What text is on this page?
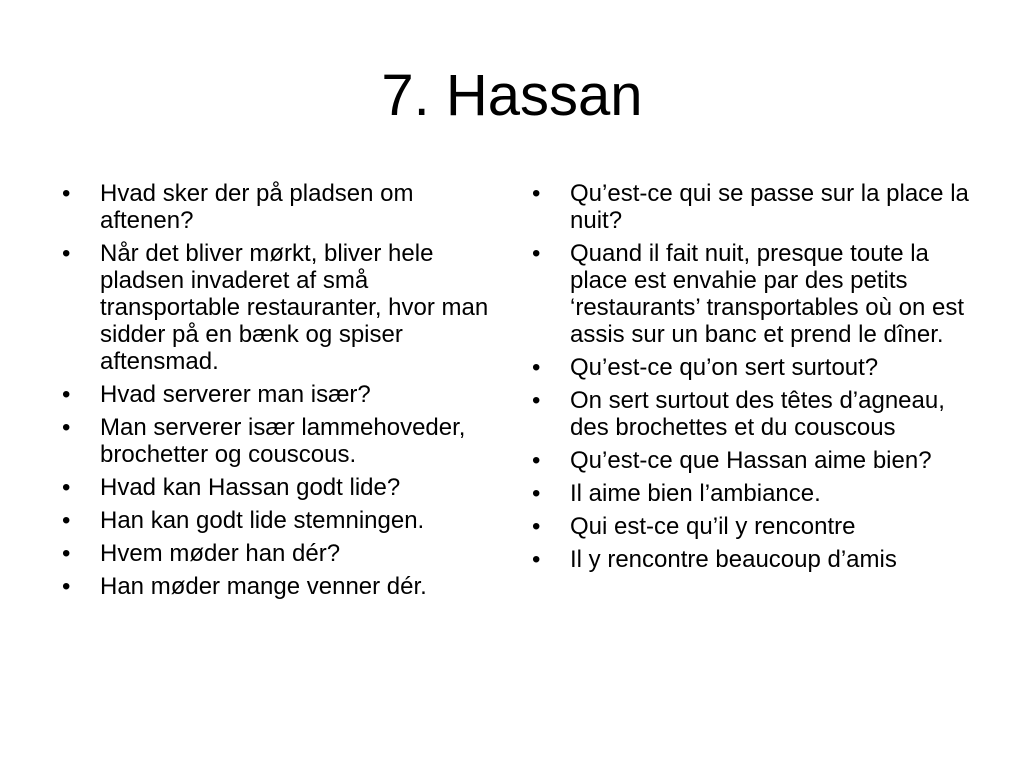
7. Hassan
•	Hvad sker der på pladsen om aftenen?
•	Når det bliver mørkt, bliver hele pladsen invaderet af små transportable restauranter, hvor man sidder på en bænk og spiser aftensmad.
•	Hvad serverer man især?
•	Man serverer især lammehoveder, brochetter og couscous.
•	Hvad kan Hassan godt lide?
•	Han kan godt lide stemningen.
•	Hvem møder han dér?
•	Han møder mange venner dér.
•	Qu’est-ce qui se passe sur la place la nuit?
•	Quand il fait nuit, presque toute la place est envahie par des petits ‘restaurants’ transportables où on est assis sur un banc et prend le dîner.
•	Qu’est-ce qu’on sert surtout?
•	On sert surtout des têtes d’agneau, des brochettes et du couscous
•	Qu’est-ce que Hassan aime bien?
•	Il aime bien l’ambiance.
•	Qui est-ce qu’il y rencontre
•	Il y rencontre beaucoup d’amis
